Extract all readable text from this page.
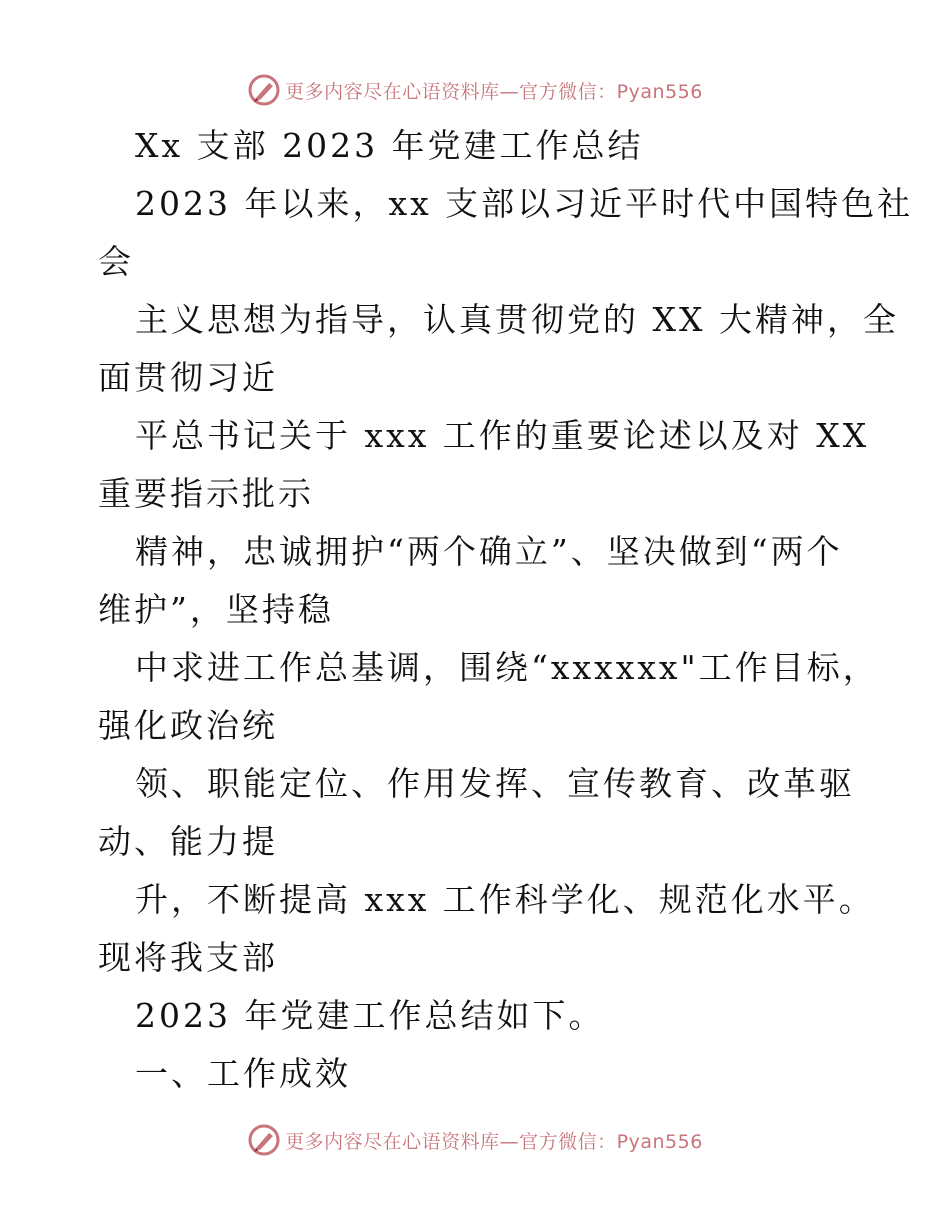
更多内容尽在心语资料库—官方微信：Pyan556
Xx 支部 2023 年党建工作总结
2023 年以来，xx 支部以习近平时代中国特色社
会
主义思想为指导，认真贯彻党的 XX 大精神，全
面贯彻习近
平总书记关于 xxx 工作的重要论述以及对 XX
重要指示批示
精神，忠诚拥护“两个确立”、坚决做到“两个
维护”，坚持稳
中求进工作总基调，围绕“xxxxxx"工作目标，
强化政治统
领、职能定位、作用发挥、宣传教育、改革驱
动、能力提
升，不断提高 xxx 工作科学化、规范化水平。
现将我支部
2023 年党建工作总结如下。
一、工作成效
更多内容尽在心语资料库—官方微信：Pyan556
